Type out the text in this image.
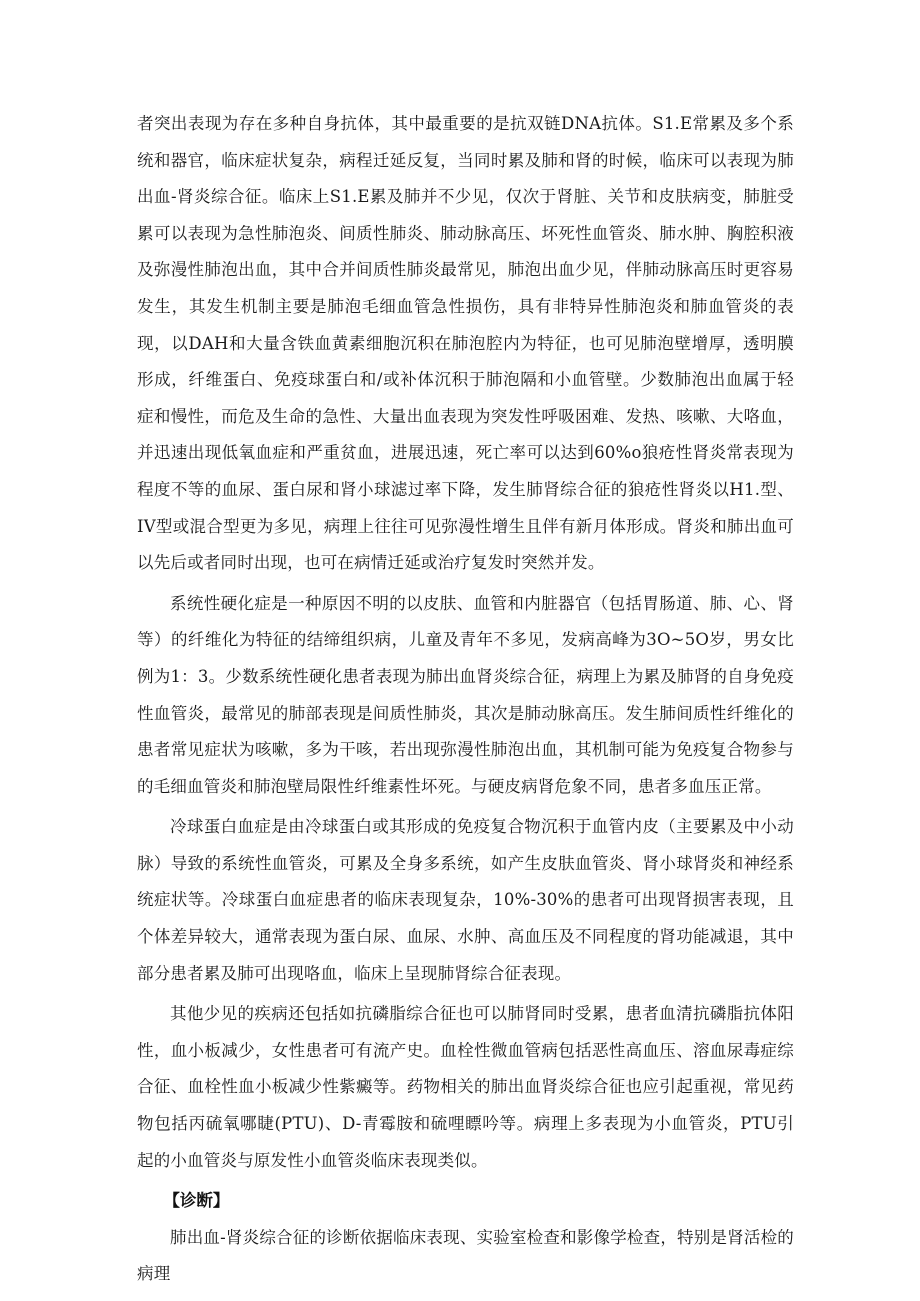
者突出表现为存在多种自身抗体，其中最重要的是抗双链DNA抗体。S1.E常累及多个系统和器官，临床症状复杂，病程迁延反复，当同时累及肺和肾的时候，临床可以表现为肺出血-肾炎综合征。临床上S1.E累及肺并不少见，仅次于肾脏、关节和皮肤病变，肺脏受累可以表现为急性肺泡炎、间质性肺炎、肺动脉高压、坏死性血管炎、肺水肿、胸腔积液及弥漫性肺泡出血，其中合并间质性肺炎最常见，肺泡出血少见，伴肺动脉高压时更容易发生，其发生机制主要是肺泡毛细血管急性损伤，具有非特异性肺泡炎和肺血管炎的表现，以DAH和大量含铁血黄素细胞沉积在肺泡腔内为特征，也可见肺泡壁增厚，透明膜形成，纤维蛋白、免疫球蛋白和/或补体沉积于肺泡隔和小血管壁。少数肺泡出血属于轻症和慢性，而危及生命的急性、大量出血表现为突发性呼吸困难、发热、咳嗽、大咯血，并迅速出现低氧血症和严重贫血，进展迅速，死亡率可以达到60%o狼疮性肾炎常表现为程度不等的血尿、蛋白尿和肾小球滤过率下降，发生肺肾综合征的狼疮性肾炎以H1.型、IV型或混合型更为多见，病理上往往可见弥漫性增生且伴有新月体形成。肾炎和肺出血可以先后或者同时出现，也可在病情迁延或治疗复发时突然并发。

系统性硬化症是一种原因不明的以皮肤、血管和内脏器官（包括胃肠道、肺、心、肾等）的纤维化为特征的结缔组织病，儿童及青年不多见，发病高峰为3O~5O岁，男女比例为1：3。少数系统性硬化患者表现为肺出血肾炎综合征，病理上为累及肺肾的自身免疫性血管炎，最常见的肺部表现是间质性肺炎，其次是肺动脉高压。发生肺间质性纤维化的患者常见症状为咳嗽，多为干咳，若出现弥漫性肺泡出血，其机制可能为免疫复合物参与的毛细血管炎和肺泡壁局限性纤维素性坏死。与硬皮病肾危象不同，患者多血压正常。

冷球蛋白血症是由冷球蛋白或其形成的免疫复合物沉积于血管内皮（主要累及中小动脉）导致的系统性血管炎，可累及全身多系统，如产生皮肤血管炎、肾小球肾炎和神经系统症状等。冷球蛋白血症患者的临床表现复杂，10%-30%的患者可出现肾损害表现，且个体差异较大，通常表现为蛋白尿、血尿、水肿、高血压及不同程度的肾功能减退，其中部分患者累及肺可出现咯血，临床上呈现肺肾综合征表现。

其他少见的疾病还包括如抗磷脂综合征也可以肺肾同时受累，患者血清抗磷脂抗体阳性，血小板减少，女性患者可有流产史。血栓性微血管病包括恶性高血压、溶血尿毒症综合征、血栓性血小板减少性紫癜等。药物相关的肺出血肾炎综合征也应引起重视，常见药物包括丙硫氧哪睫(PTU)、D-青霉胺和硫哩瞟吟等。病理上多表现为小血管炎，PTU引起的小血管炎与原发性小血管炎临床表现类似。

【诊断】

肺出血-肾炎综合征的诊断依据临床表现、实验室检查和影像学检查，特别是肾活检的病理
